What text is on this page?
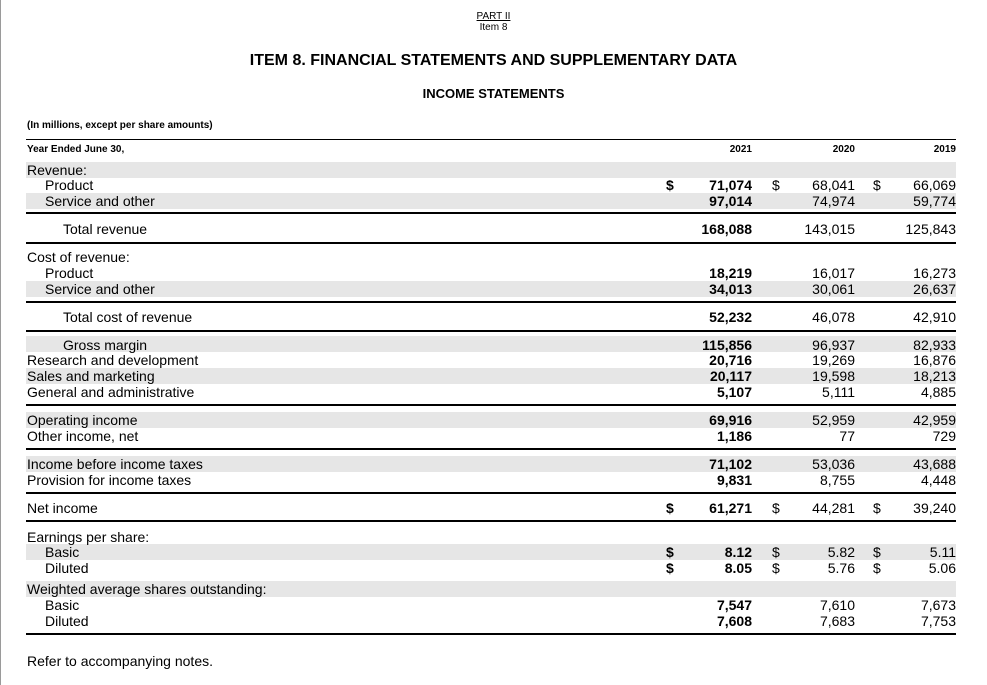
PART II
Item 8
ITEM 8. FINANCIAL STATEMENTS AND SUPPLEMENTARY DATA
INCOME STATEMENTS
(In millions, except per share amounts)
Year Ended June 30,	2021	2020	2019
Revenue:
Product	$	71,074 $	68,041 $	66,069
Service and other	97,014	74,974	59,774
Total revenue	168,088	143,015	125,843
Cost of revenue:
Product	18,219	16,017	16,273
Service and other	34,013	30,061	26,637
Total cost of revenue	52,232	46,078	42,910
Gross margin	115,856	96,937	82,933
Research and development	20,716	19,269	16,876
Sales and marketing	20,117	19,598	18,213
General and administrative	5,107	5,111	4,885
Operating income	69,916	52,959	42,959
Other income, net	1,186	77	729
Income before income taxes	71,102	53,036	43,688
Provision for income taxes	9,831	8,755	4,448
Net income	$	61,271 $	44,281 $	39,240
Earnings per share:
Basic	$	8.12 $	5.82 $	5.11
Diluted	$	8.05 $	5.76 $	5.06
Weighted average shares outstanding:
Basic	7,547	7,610	7,673
Diluted	7,608	7,683	7,753
Refer to accompanying notes.
